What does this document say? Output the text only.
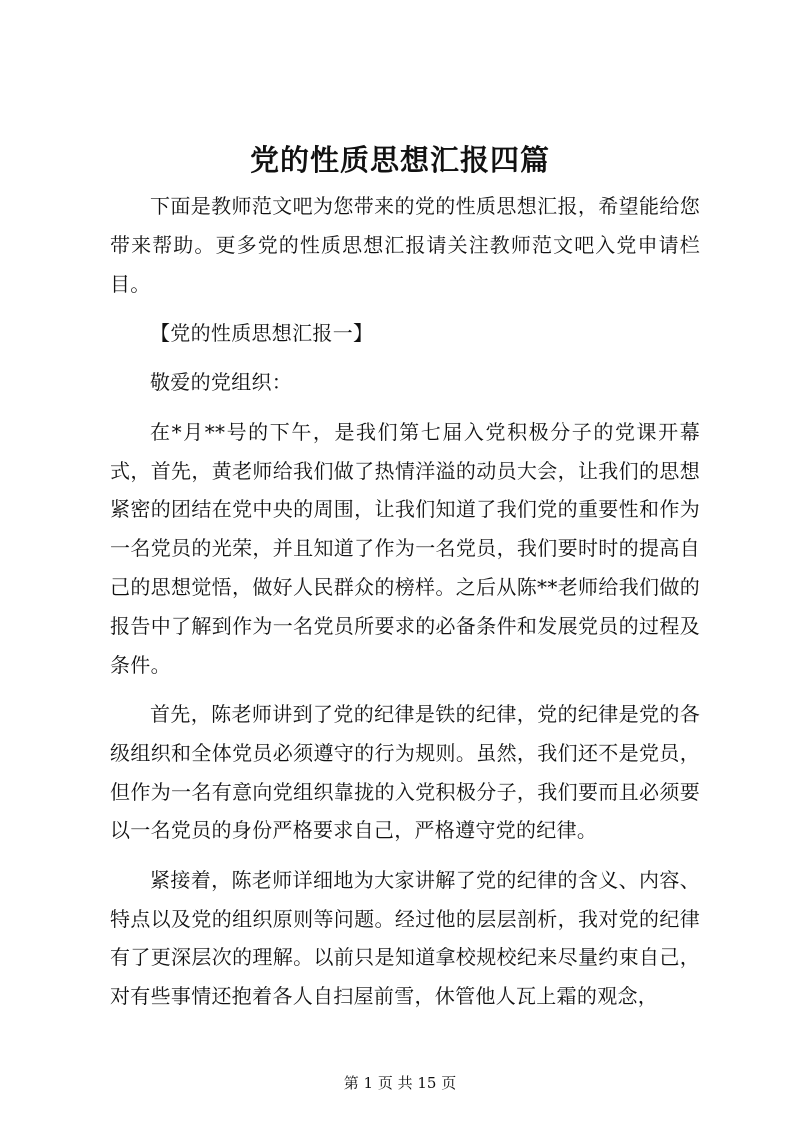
党的性质思想汇报四篇

下面是教师范文吧为您带来的党的性质思想汇报，希望能给您带来帮助。更多党的性质思想汇报请关注教师范文吧入党申请栏目。

【党的性质思想汇报一】

敬爱的党组织：

在*月**号的下午，是我们第七届入党积极分子的党课开幕式，首先，黄老师给我们做了热情洋溢的动员大会，让我们的思想紧密的团结在党中央的周围，让我们知道了我们党的重要性和作为一名党员的光荣，并且知道了作为一名党员，我们要时时的提高自己的思想觉悟，做好人民群众的榜样。之后从陈**老师给我们做的报告中了解到作为一名党员所要求的必备条件和发展党员的过程及条件。

首先，陈老师讲到了党的纪律是铁的纪律，党的纪律是党的各级组织和全体党员必须遵守的行为规则。虽然，我们还不是党员，但作为一名有意向党组织靠拢的入党积极分子，我们要而且必须要以一名党员的身份严格要求自己，严格遵守党的纪律。

紧接着，陈老师详细地为大家讲解了党的纪律的含义、内容、特点以及党的组织原则等问题。经过他的层层剖析，我对党的纪律有了更深层次的理解。以前只是知道拿校规校纪来尽量约束自己，对有些事情还抱着各人自扫屋前雪，休管他人瓦上霜的观念，

第 1 页 共 15 页
